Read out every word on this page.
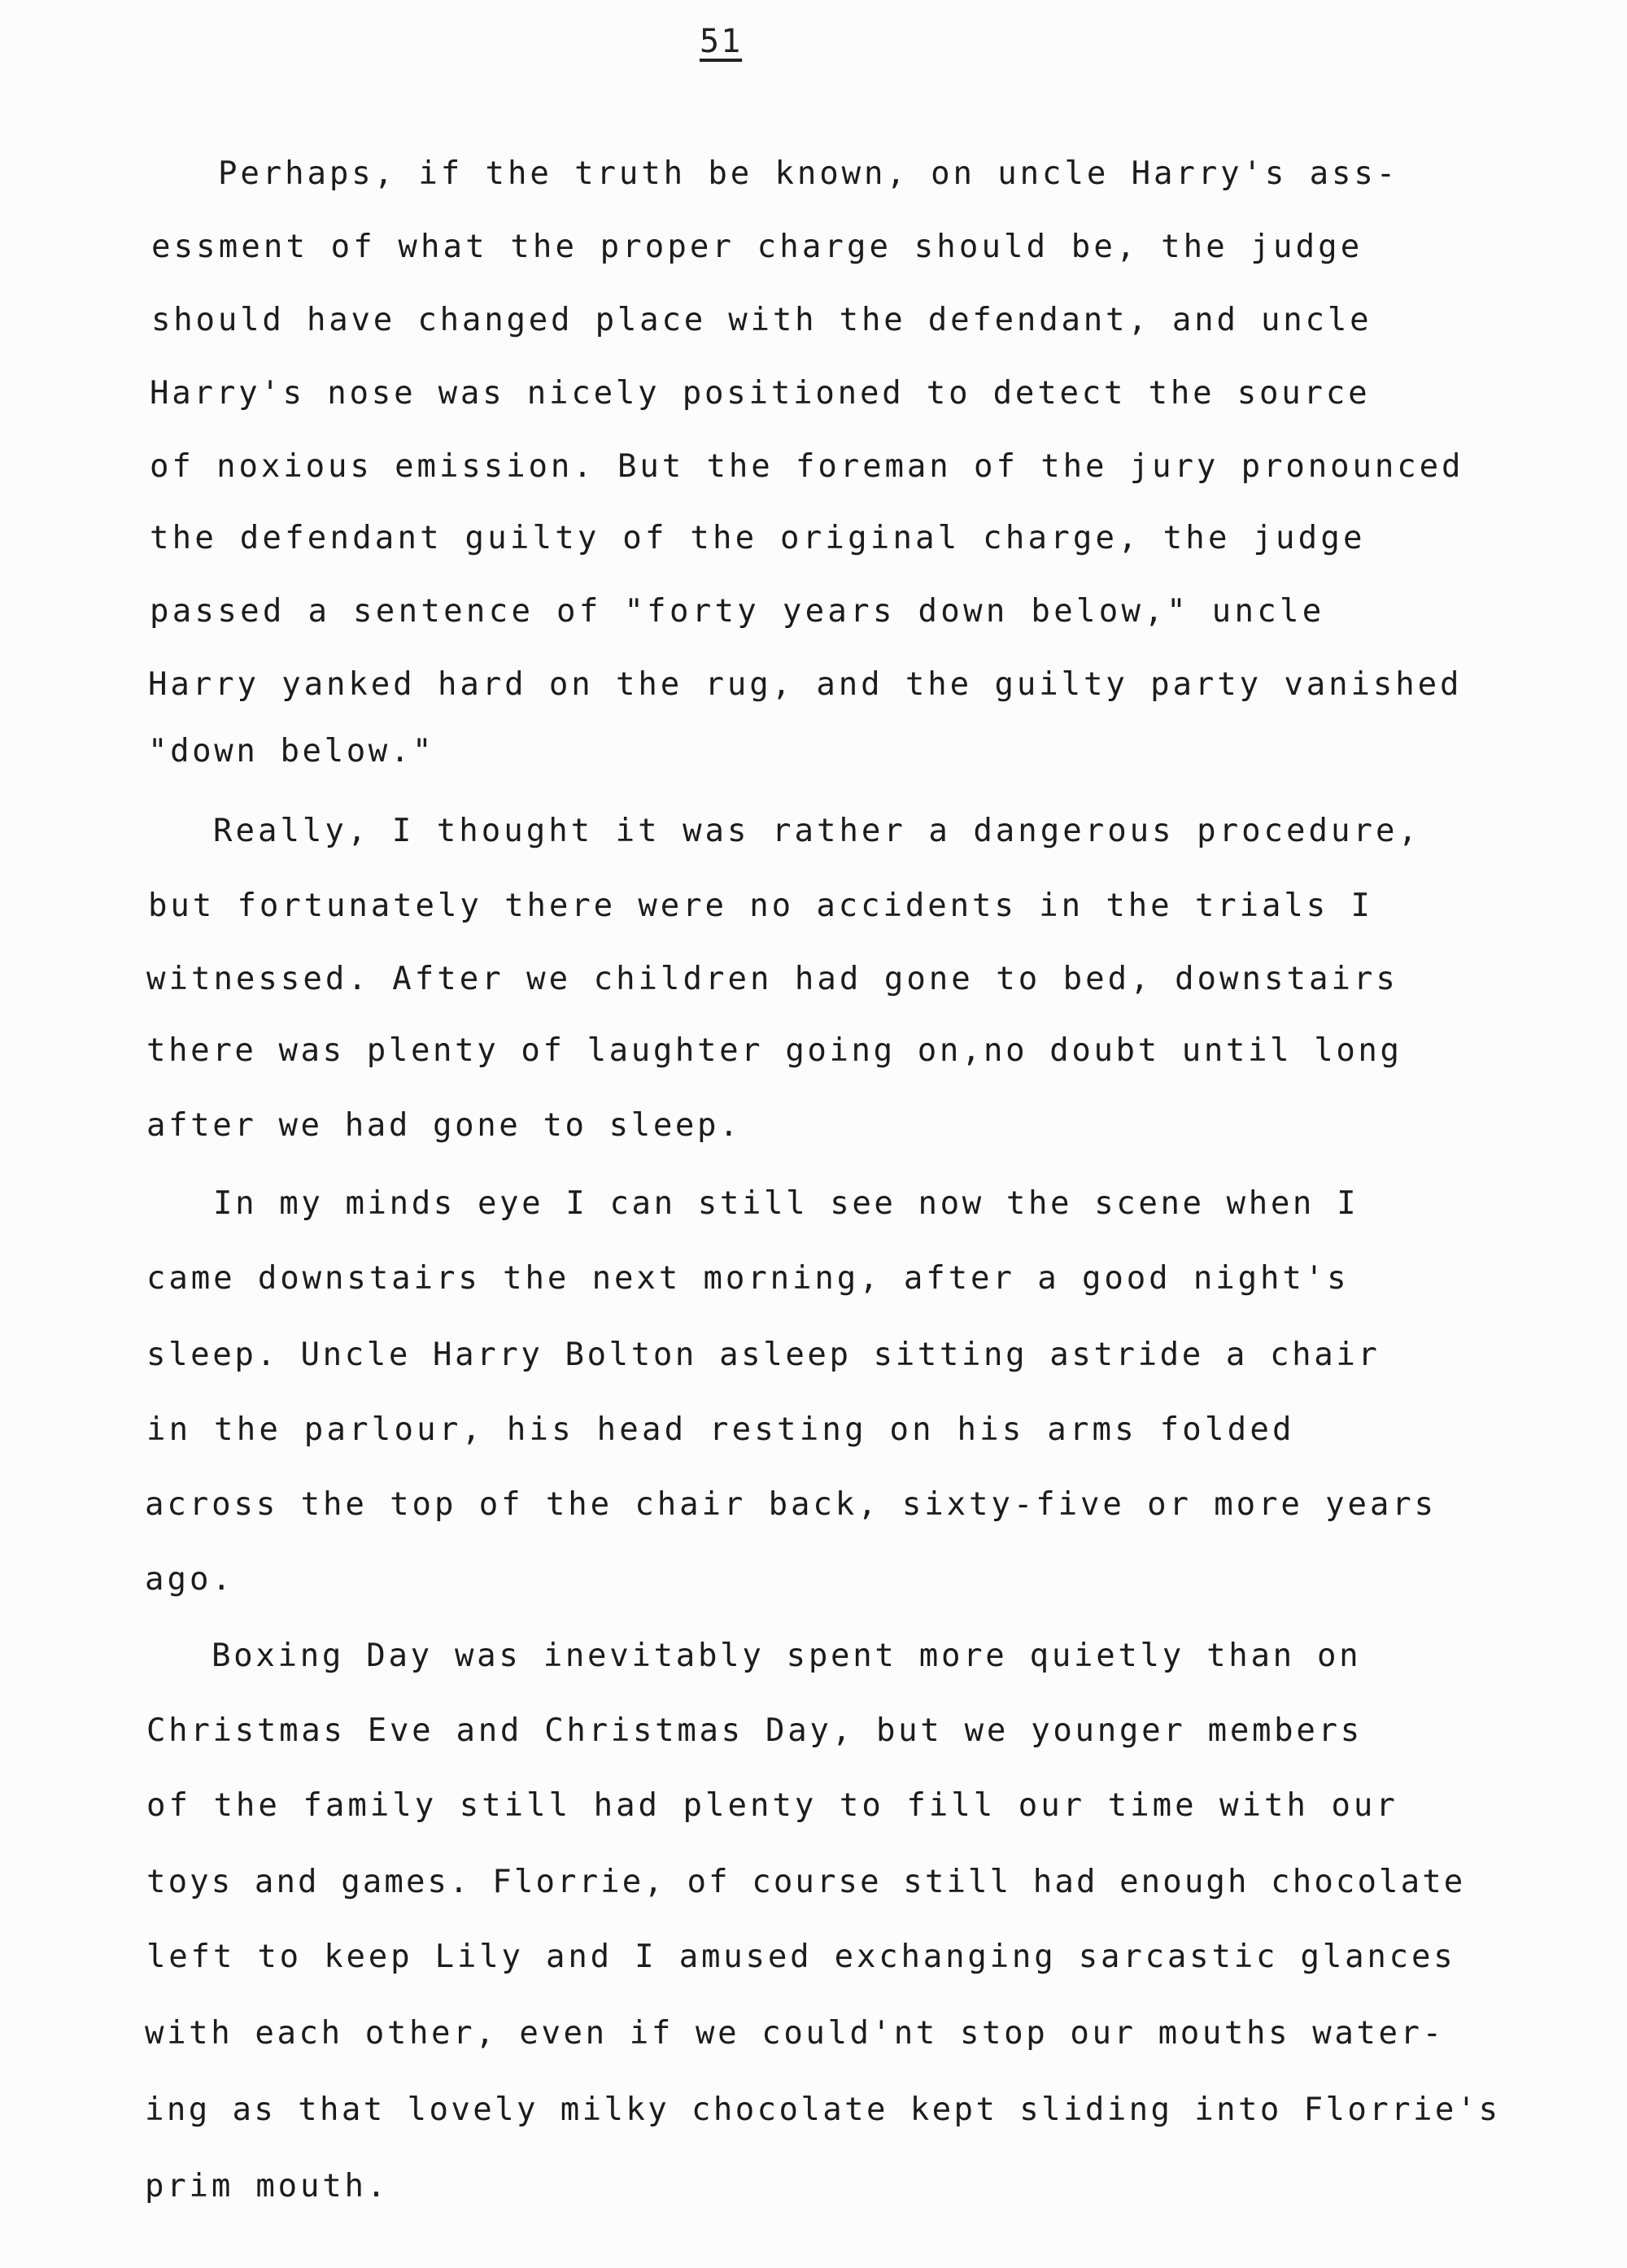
51
Perhaps, if the truth be known, on uncle Harry's ass-
essment of what the proper charge should be, the judge
should have changed place with the defendant, and uncle
Harry's nose was nicely positioned to detect the source
of noxious emission. But the foreman of the jury pronounced
the defendant guilty of the original charge, the judge
passed a sentence of "forty years down below," uncle
Harry yanked hard on the rug, and the guilty party vanished
"down below."
Really, I thought it was rather a dangerous procedure,
but fortunately there were no accidents in the trials I
witnessed. After we children had gone to bed, downstairs
there was plenty of laughter going on,no doubt until long
after we had gone to sleep.
In my minds eye I can still see now the scene when I
came downstairs the next morning, after a good night's
sleep. Uncle Harry Bolton asleep sitting astride a chair
in the parlour, his head resting on his arms folded
across the top of the chair back, sixty-five or more years
ago.
Boxing Day was inevitably spent more quietly than on
Christmas Eve and Christmas Day, but we younger members
of the family still had plenty to fill our time with our
toys and games. Florrie, of course still had enough chocolate
left to keep Lily and I amused exchanging sarcastic glances
with each other, even if we could'nt stop our mouths water-
ing as that lovely milky chocolate kept sliding into Florrie's
prim mouth.
